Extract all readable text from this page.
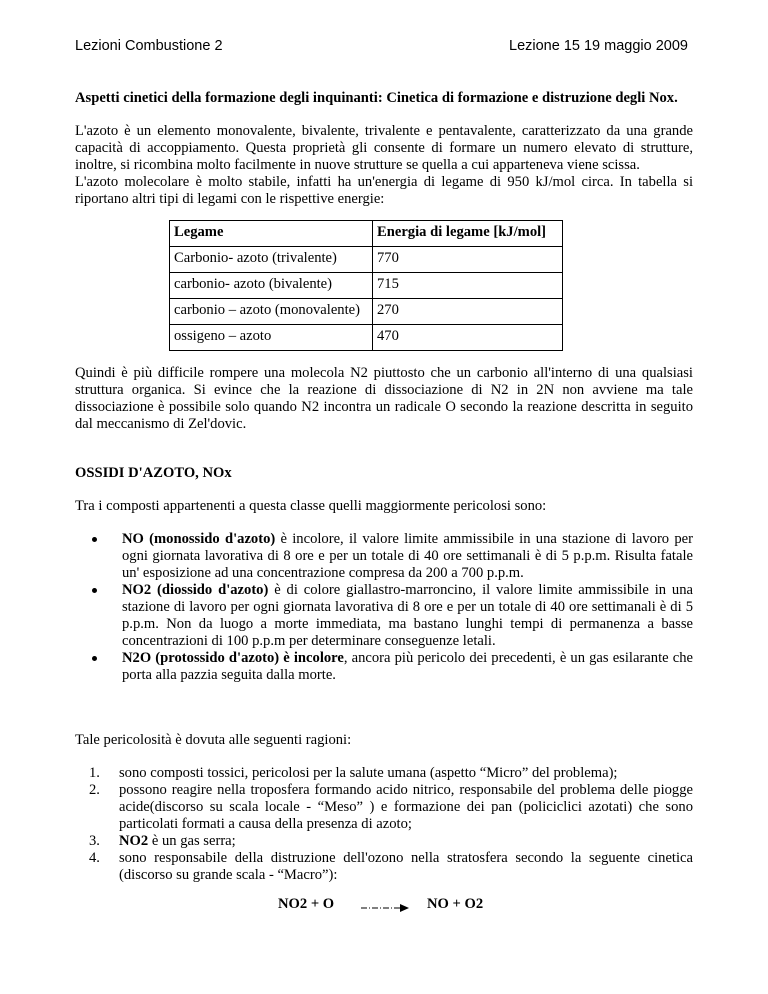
Lezioni Combustione 2	Lezione 15 19 maggio 2009

Aspetti cinetici della formazione degli inquinanti: Cinetica di formazione e distruzione degli Nox.

L'azoto è un elemento monovalente, bivalente, trivalente e pentavalente, caratterizzato da una grande capacità di accoppiamento. Questa proprietà gli consente di formare un numero elevato di strutture, inoltre, si ricombina molto facilmente in nuove strutture se quella a cui apparteneva viene scissa.

L'azoto molecolare è molto stabile, infatti ha un'energia di legame di 950 kJ/mol circa. In tabella si riportano altri tipi di legami con le rispettive energie:

Legame	Energia di legame [kJ/mol]
Carbonio- azoto (trivalente)	770
carbonio- azoto (bivalente)	715
carbonio – azoto (monovalente)	270
ossigeno – azoto	470

Quindi è più difficile rompere una molecola N2 piuttosto che un carbonio all'interno di una qualsiasi struttura organica. Si evince che la reazione di dissociazione di N2 in 2N non avviene ma tale dissociazione è possibile solo quando N2 incontra un radicale O secondo la reazione descritta in seguito dal meccanismo di Zel'dovic.

OSSIDI D'AZOTO, NOx

Tra i composti appartenenti a questa classe quelli maggiormente pericolosi sono:

NO (monossido d'azoto) è incolore, il valore limite ammissibile in una stazione di lavoro per ogni giornata lavorativa di 8 ore e per un totale di 40 ore settimanali è di 5 p.p.m. Risulta fatale un' esposizione ad una concentrazione compresa da 200 a 700 p.p.m.
NO2 (diossido d'azoto) è di colore giallastro-marroncino, il valore limite ammissibile in una stazione di lavoro per ogni giornata lavorativa di 8 ore e per un totale di 40 ore settimanali è di 5 p.p.m. Non da luogo a morte immediata, ma bastano lunghi tempi di permanenza a basse concentrazioni di 100 p.p.m per determinare conseguenze letali.
N2O (protossido d'azoto) è incolore, ancora più pericolo dei precedenti, è un gas esilarante che porta alla pazzia seguita dalla morte.

Tale pericolosità è dovuta alle seguenti ragioni:

1. sono composti tossici, pericolosi per la salute umana (aspetto “Micro” del problema);
2. possono reagire nella troposfera formando acido nitrico, responsabile del problema delle piogge acide(discorso su scala locale - “Meso” ) e formazione dei pan (policiclici azotati) che sono particolati formati a causa della presenza di azoto;
3. NO2 è un gas serra;
4. sono responsabile della distruzione dell'ozono nella stratosfera secondo la seguente cinetica (discorso su grande scala - “Macro”):
NO2 + O → NO + O2
